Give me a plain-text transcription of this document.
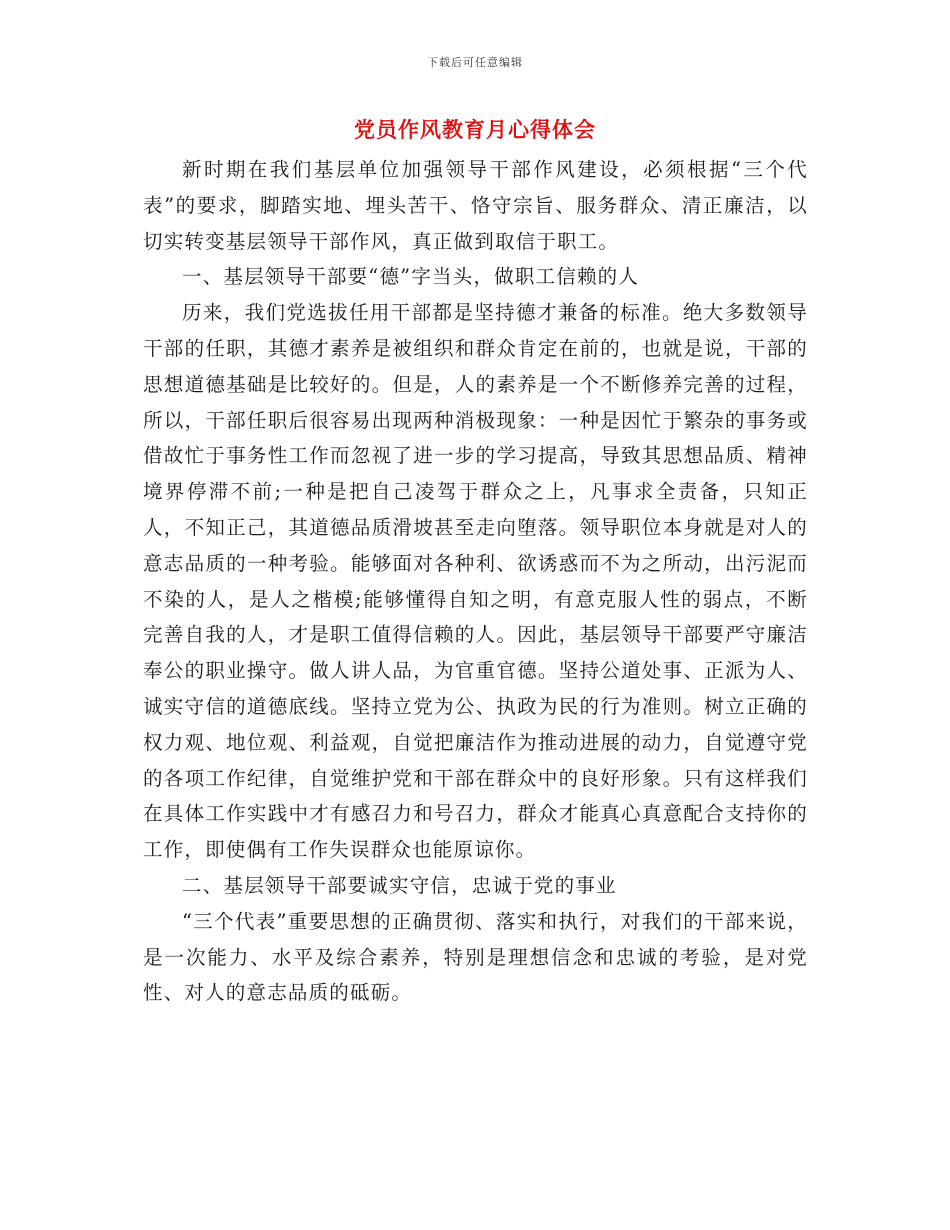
下载后可任意编辑
党员作风教育月心得体会

新时期在我们基层单位加强领导干部作风建设，必须根据“三个代表”的要求，脚踏实地、埋头苦干、恪守宗旨、服务群众、清正廉洁，以切实转变基层领导干部作风，真正做到取信于职工。

一、基层领导干部要“德”字当头，做职工信赖的人

历来，我们党选拔任用干部都是坚持德才兼备的标准。绝大多数领导干部的任职，其德才素养是被组织和群众肯定在前的，也就是说，干部的思想道德基础是比较好的。但是，人的素养是一个不断修养完善的过程，所以，干部任职后很容易出现两种消极现象：一种是因忙于繁杂的事务或借故忙于事务性工作而忽视了进一步的学习提高，导致其思想品质、精神境界停滞不前;一种是把自己凌驾于群众之上，凡事求全责备，只知正人，不知正己，其道德品质滑坡甚至走向堕落。领导职位本身就是对人的意志品质的一种考验。能够面对各种利、欲诱惑而不为之所动，出污泥而不染的人，是人之楷模;能够懂得自知之明，有意克服人性的弱点，不断完善自我的人，才是职工值得信赖的人。因此，基层领导干部要严守廉洁奉公的职业操守。做人讲人品，为官重官德。坚持公道处事、正派为人、诚实守信的道德底线。坚持立党为公、执政为民的行为准则。树立正确的权力观、地位观、利益观，自觉把廉洁作为推动进展的动力，自觉遵守党的各项工作纪律，自觉维护党和干部在群众中的良好形象。只有这样我们在具体工作实践中才有感召力和号召力，群众才能真心真意配合支持你的工作，即使偶有工作失误群众也能原谅你。

二、基层领导干部要诚实守信，忠诚于党的事业

“三个代表”重要思想的正确贯彻、落实和执行，对我们的干部来说，是一次能力、水平及综合素养，特别是理想信念和忠诚的考验，是对党性、对人的意志品质的砥砺。
